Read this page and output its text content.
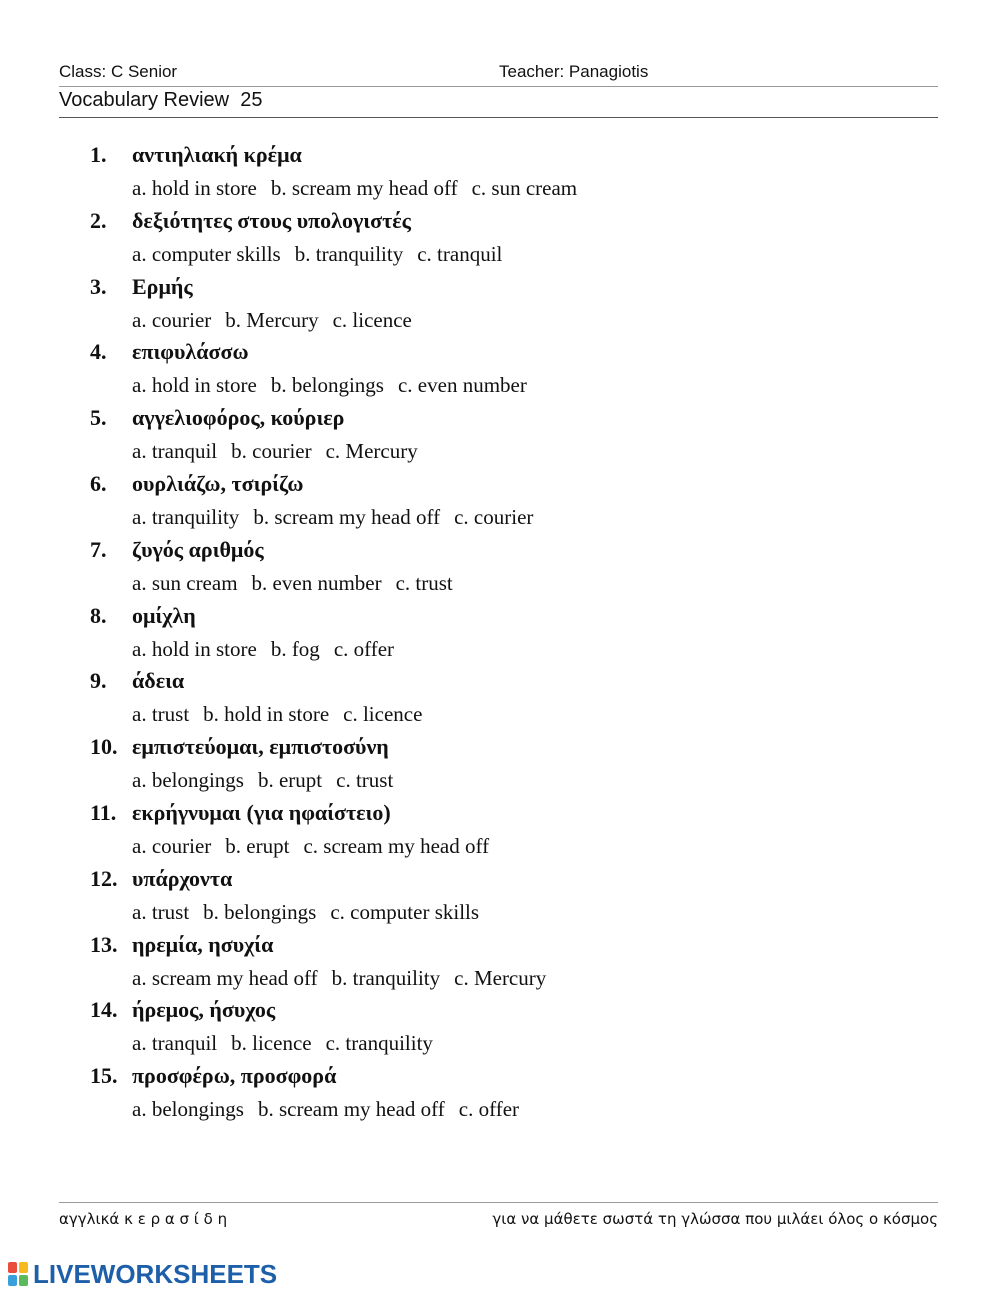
Class: C Senior	Teacher: Panagiotis
Vocabulary Review  25
1. αντιηλιακή κρέμα
a. hold in store b. scream my head off c. sun cream
2. δεξιότητες στους υπολογιστές
a. computer skills b. tranquility c. tranquil
3. Ερμής
a. courier b. Mercury c. licence
4. επιφυλάσσω
a. hold in store b. belongings c. even number
5. αγγελιοφόρος, κούριερ
a. tranquil b. courier c. Mercury
6. ουρλιάζω, τσιρίζω
a. tranquility b. scream my head off c. courier
7. ζυγός αριθμός
a. sun cream b. even number c. trust
8. ομίχλη
a. hold in store b. fog c. offer
9. άδεια
a. trust b. hold in store c. licence
10. εμπιστεύομαι, εμπιστοσύνη
a. belongings b. erupt c. trust
11. εκρήγνυμαι (για ηφαίστειο)
a. courier b. erupt c. scream my head off
12. υπάρχοντα
a. trust b. belongings c. computer skills
13. ηρεμία, ησυχία
a. scream my head off b. tranquility c. Mercury
14. ήρεμος, ήσυχος
a. tranquil b. licence c. tranquility
15. προσφέρω, προσφορά
a. belongings b. scream my head off c. offer
αγγλικά κ ε ρ α σ ί δ η	για να μάθετε σωστά τη γλώσσα που μιλάει όλος ο κόσμος
LIVEWORKSHEETS
